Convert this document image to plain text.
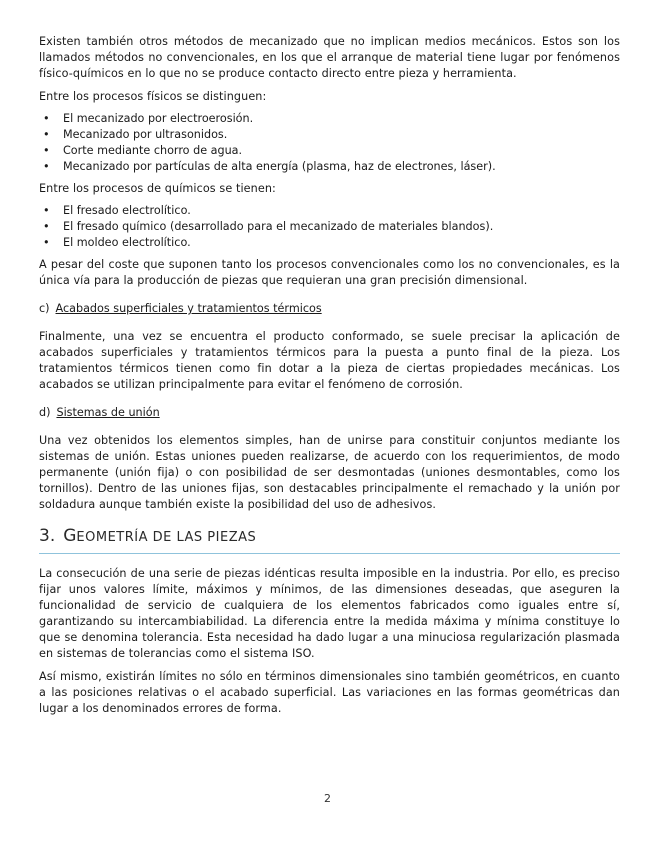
Existen también otros métodos de mecanizado que no implican medios mecánicos. Estos son los llamados métodos no convencionales, en los que el arranque de material tiene lugar por fenómenos físico-químicos en lo que no se produce contacto directo entre pieza y herramienta.

Entre los procesos físicos se distinguen:

• El mecanizado por electroerosión.
• Mecanizado por ultrasonidos.
• Corte mediante chorro de agua.
• Mecanizado por partículas de alta energía (plasma, haz de electrones, láser).

Entre los procesos de químicos se tienen:

• El fresado electrolítico.
• El fresado químico (desarrollado para el mecanizado de materiales blandos).
• El moldeo electrolítico.

A pesar del coste que suponen tanto los procesos convencionales como los no convencionales, es la única vía para la producción de piezas que requieran una gran precisión dimensional.

c) Acabados superficiales y tratamientos térmicos

Finalmente, una vez se encuentra el producto conformado, se suele precisar la aplicación de acabados superficiales y tratamientos térmicos para la puesta a punto final de la pieza. Los tratamientos térmicos tienen como fin dotar a la pieza de ciertas propiedades mecánicas. Los acabados se utilizan principalmente para evitar el fenómeno de corrosión.

d) Sistemas de unión

Una vez obtenidos los elementos simples, han de unirse para constituir conjuntos mediante los sistemas de unión. Estas uniones pueden realizarse, de acuerdo con los requerimientos, de modo permanente (unión fija) o con posibilidad de ser desmontadas (uniones desmontables, como los tornillos). Dentro de las uniones fijas, son destacables principalmente el remachado y la unión por soldadura aunque también existe la posibilidad del uso de adhesivos.

3. GEOMETRÍA DE LAS PIEZAS

La consecución de una serie de piezas idénticas resulta imposible en la industria. Por ello, es preciso fijar unos valores límite, máximos y mínimos, de las dimensiones deseadas, que aseguren la funcionalidad de servicio de cualquiera de los elementos fabricados como iguales entre sí, garantizando su intercambiabilidad. La diferencia entre la medida máxima y mínima constituye lo que se denomina tolerancia. Esta necesidad ha dado lugar a una minuciosa regularización plasmada en sistemas de tolerancias como el sistema ISO.

Así mismo, existirán límites no sólo en términos dimensionales sino también geométricos, en cuanto a las posiciones relativas o el acabado superficial. Las variaciones en las formas geométricas dan lugar a los denominados errores de forma.

2
